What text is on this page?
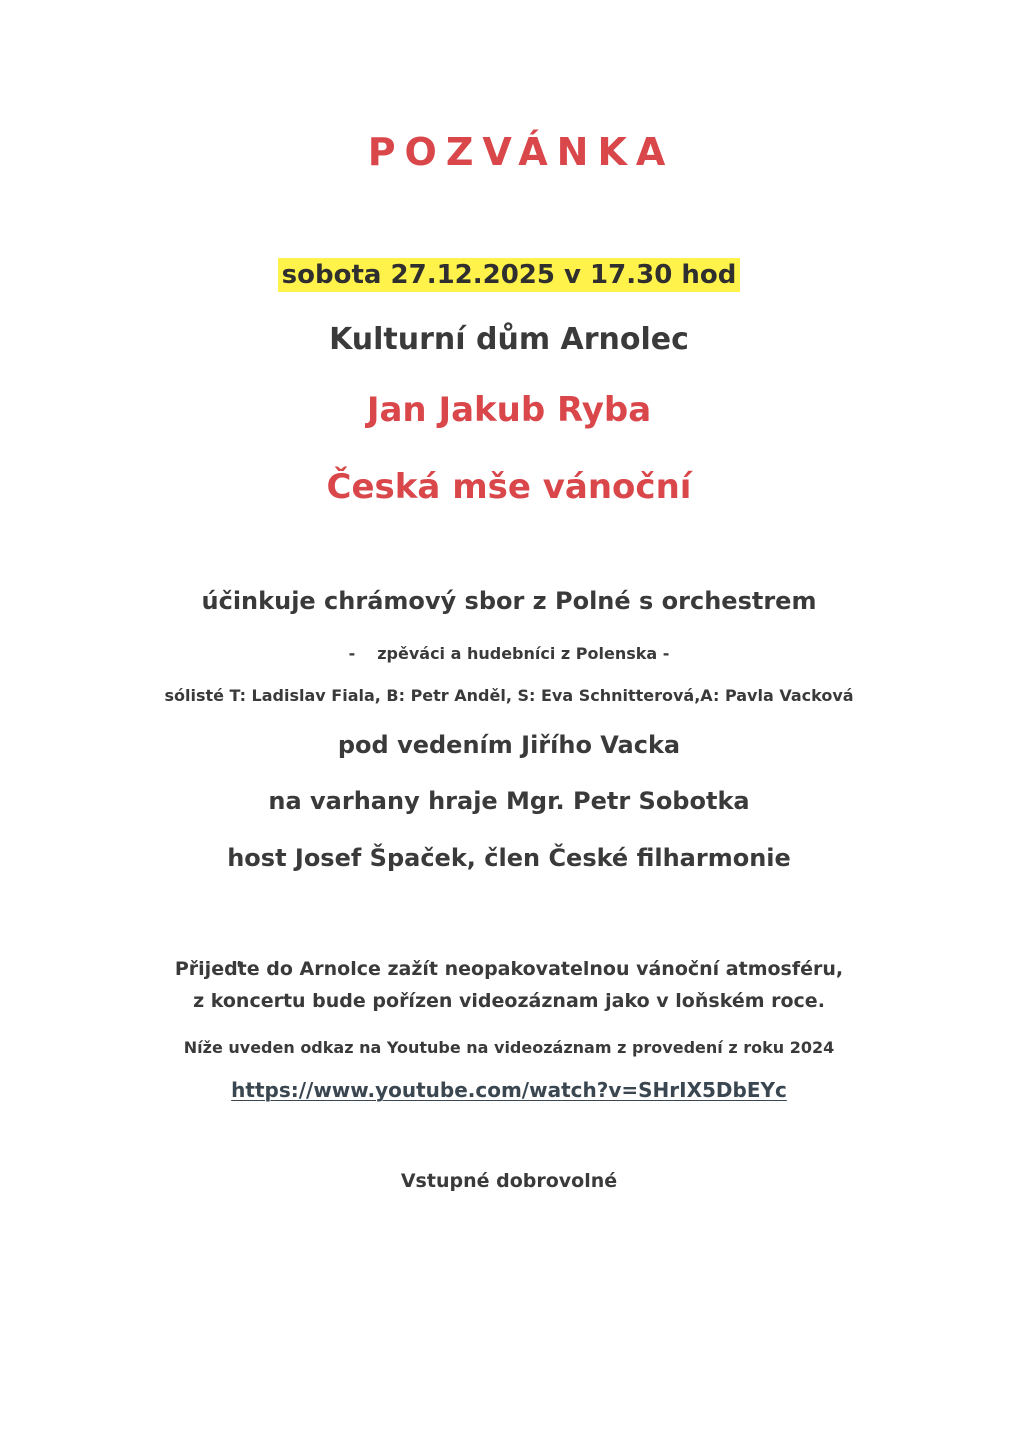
POZVÁNKA
sobota 27.12.2025 v 17.30 hod
Kulturní dům Arnolec
Jan Jakub Ryba
Česká mše vánoční
účinkuje chrámový sbor z Polné s orchestrem
- zpěváci a hudebníci z Polenska -
sólisté T: Ladislav Fiala, B: Petr Anděl, S: Eva Schnitterová,A: Pavla Vacková
pod vedením Jiřího Vacka
na varhany hraje Mgr. Petr Sobotka
host Josef Špaček, člen České filharmonie
Přijeďte do Arnolce zažít neopakovatelnou vánoční atmosféru,
z koncertu bude pořízen videozáznam jako v loňském roce.
Níže uveden odkaz na Youtube na videozáznam z provedení z roku 2024
https://www.youtube.com/watch?v=SHrIX5DbEYc
Vstupné dobrovolné
